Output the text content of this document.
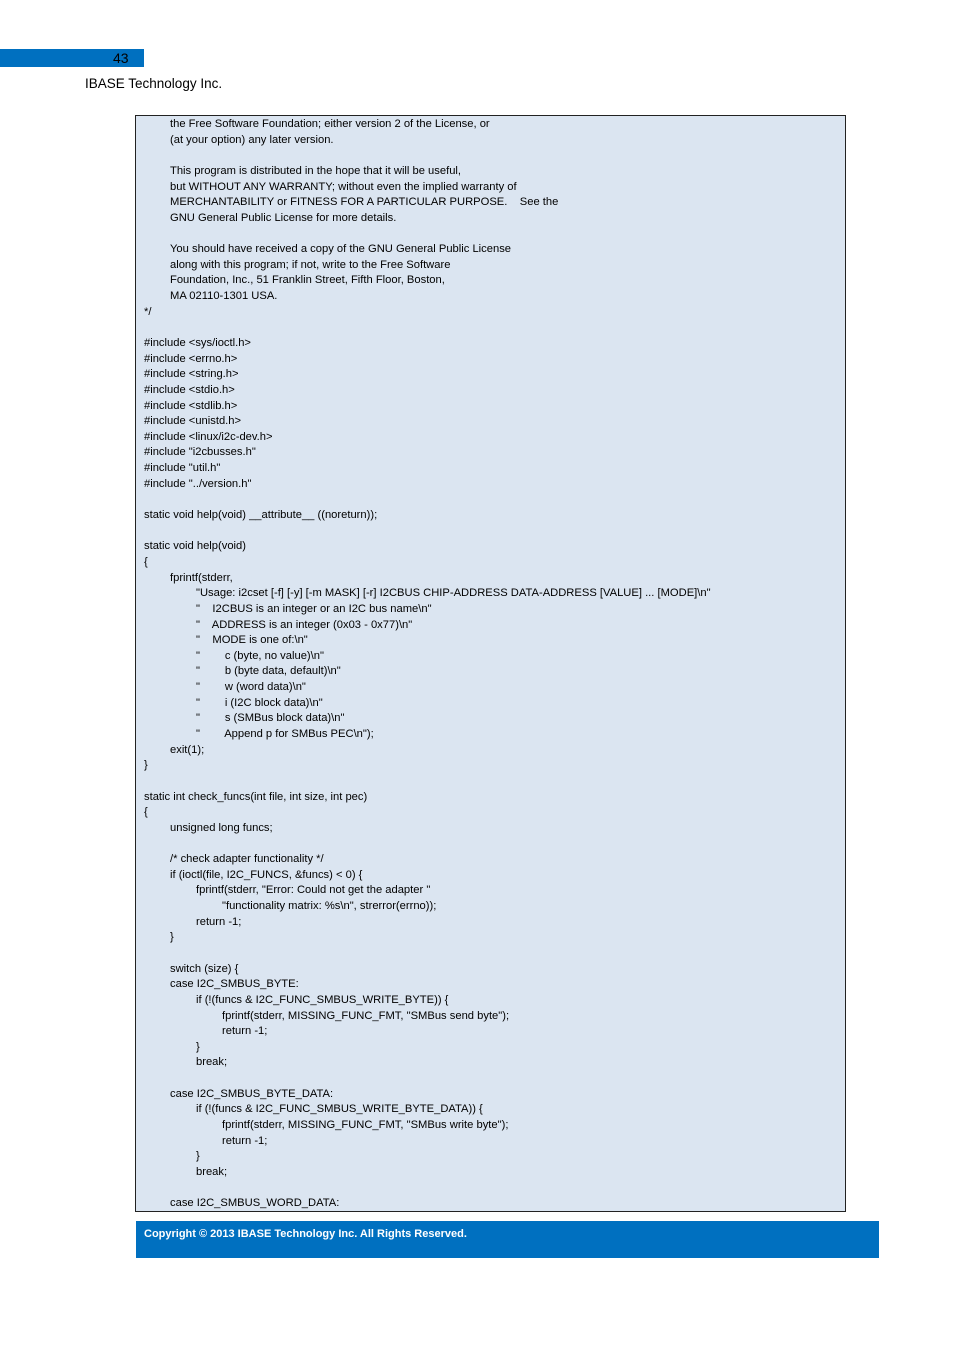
43
IBASE Technology Inc.
	the Free Software Foundation; either version 2 of the License, or
	(at your option) any later version.
	This program is distributed in the hope that it will be useful,
	but WITHOUT ANY WARRANTY; without even the implied warranty of
	MERCHANTABILITY or FITNESS FOR A PARTICULAR PURPOSE.    See the
	GNU General Public License for more details.
	You should have received a copy of the GNU General Public License
	along with this program; if not, write to the Free Software
	Foundation, Inc., 51 Franklin Street, Fifth Floor, Boston,
	MA 02110-1301 USA.
*/
#include <sys/ioctl.h>
#include <errno.h>
#include <string.h>
#include <stdio.h>
#include <stdlib.h>
#include <unistd.h>
#include <linux/i2c-dev.h>
#include "i2cbusses.h"
#include "util.h"
#include "../version.h"
static void help(void) __attribute__ ((noreturn));
static void help(void)
{
	fprintf(stderr,
		"Usage: i2cset [-f] [-y] [-m MASK] [-r] I2CBUS CHIP-ADDRESS DATA-ADDRESS [VALUE] ... [MODE]\n"
		"    I2CBUS is an integer or an I2C bus name\n"
		"    ADDRESS is an integer (0x03 - 0x77)\n"
		"    MODE is one of:\n"
		"        c (byte, no value)\n"
		"        b (byte data, default)\n"
		"        w (word data)\n"
		"        i (I2C block data)\n"
		"        s (SMBus block data)\n"
		"        Append p for SMBus PEC\n");
	exit(1);
}
static int check_funcs(int file, int size, int pec)
{
	unsigned long funcs;
	/* check adapter functionality */
	if (ioctl(file, I2C_FUNCS, &funcs) < 0) {
		fprintf(stderr, "Error: Could not get the adapter "
			"functionality matrix: %s\n", strerror(errno));
		return -1;
	}
	switch (size) {
	case I2C_SMBUS_BYTE:
		if (!(funcs & I2C_FUNC_SMBUS_WRITE_BYTE)) {
			fprintf(stderr, MISSING_FUNC_FMT, "SMBus send byte");
			return -1;
		}
		break;
	case I2C_SMBUS_BYTE_DATA:
		if (!(funcs & I2C_FUNC_SMBUS_WRITE_BYTE_DATA)) {
			fprintf(stderr, MISSING_FUNC_FMT, "SMBus write byte");
			return -1;
		}
		break;
	case I2C_SMBUS_WORD_DATA:
Copyright © 2013 IBASE Technology Inc. All Rights Reserved.
